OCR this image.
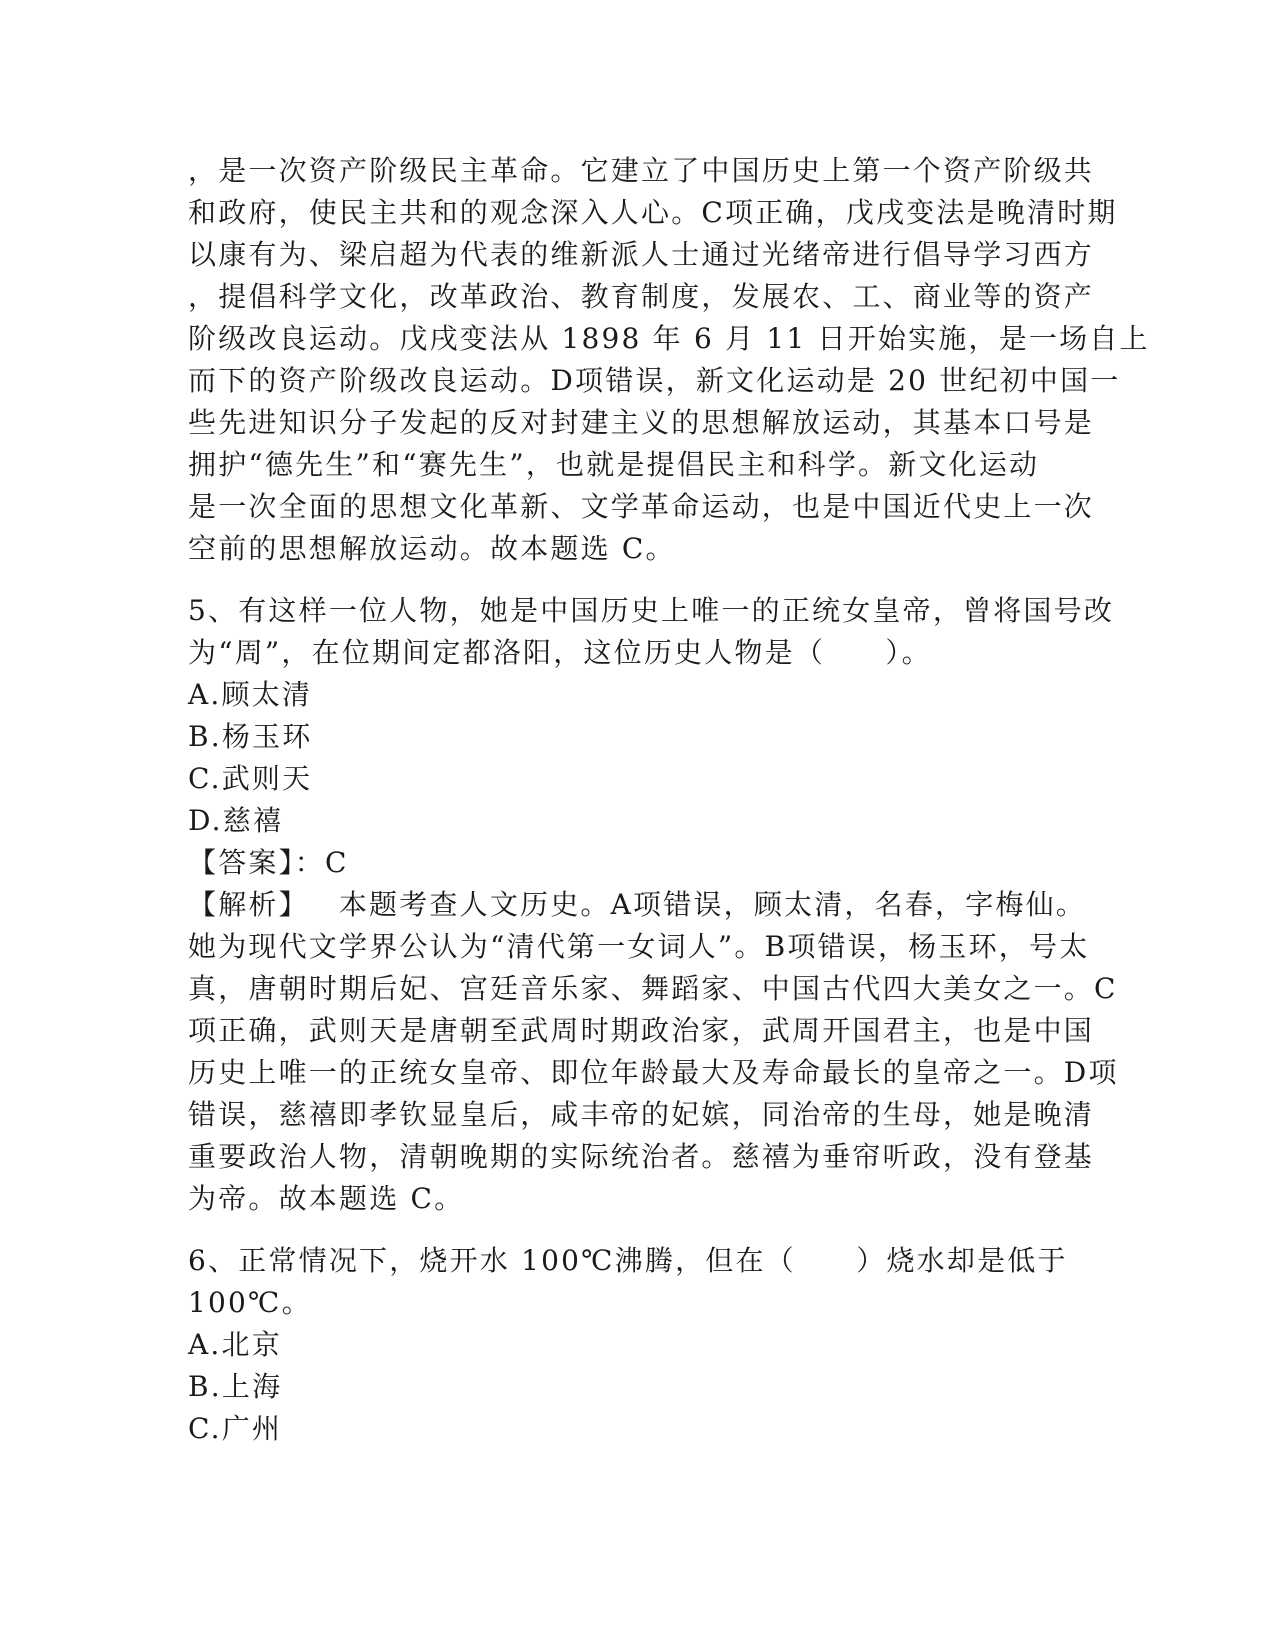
，是一次资产阶级民主革命。它建立了中国历史上第一个资产阶级共
和政府，使民主共和的观念深入人心。C项正确，戊戌变法是晚清时期
以康有为、梁启超为代表的维新派人士通过光绪帝进行倡导学习西方
，提倡科学文化，改革政治、教育制度，发展农、工、商业等的资产
阶级改良运动。戊戌变法从 1898 年 6 月 11 日开始实施，是一场自上
而下的资产阶级改良运动。D项错误，新文化运动是 20 世纪初中国一
些先进知识分子发起的反对封建主义的思想解放运动，其基本口号是
拥护“德先生”和“赛先生”，也就是提倡民主和科学。新文化运动
是一次全面的思想文化革新、文学革命运动，也是中国近代史上一次
空前的思想解放运动。故本题选 C。
5、有这样一位人物，她是中国历史上唯一的正统女皇帝，曾将国号改
为“周”，在位期间定都洛阳，这位历史人物是（　　）。
A.顾太清
B.杨玉环
C.武则天
D.慈禧
【答案】：C
【解析】 本题考查人文历史。A项错误，顾太清，名春，字梅仙。
她为现代文学界公认为“清代第一女词人”。B项错误，杨玉环，号太
真，唐朝时期后妃、宫廷音乐家、舞蹈家、中国古代四大美女之一。C
项正确，武则天是唐朝至武周时期政治家，武周开国君主，也是中国
历史上唯一的正统女皇帝、即位年龄最大及寿命最长的皇帝之一。D项
错误，慈禧即孝钦显皇后，咸丰帝的妃嫔，同治帝的生母，她是晚清
重要政治人物，清朝晚期的实际统治者。慈禧为垂帘听政，没有登基
为帝。故本题选 C。
6、正常情况下，烧开水 100℃沸腾，但在（　　）烧水却是低于
100℃。
A.北京
B.上海
C.广州
